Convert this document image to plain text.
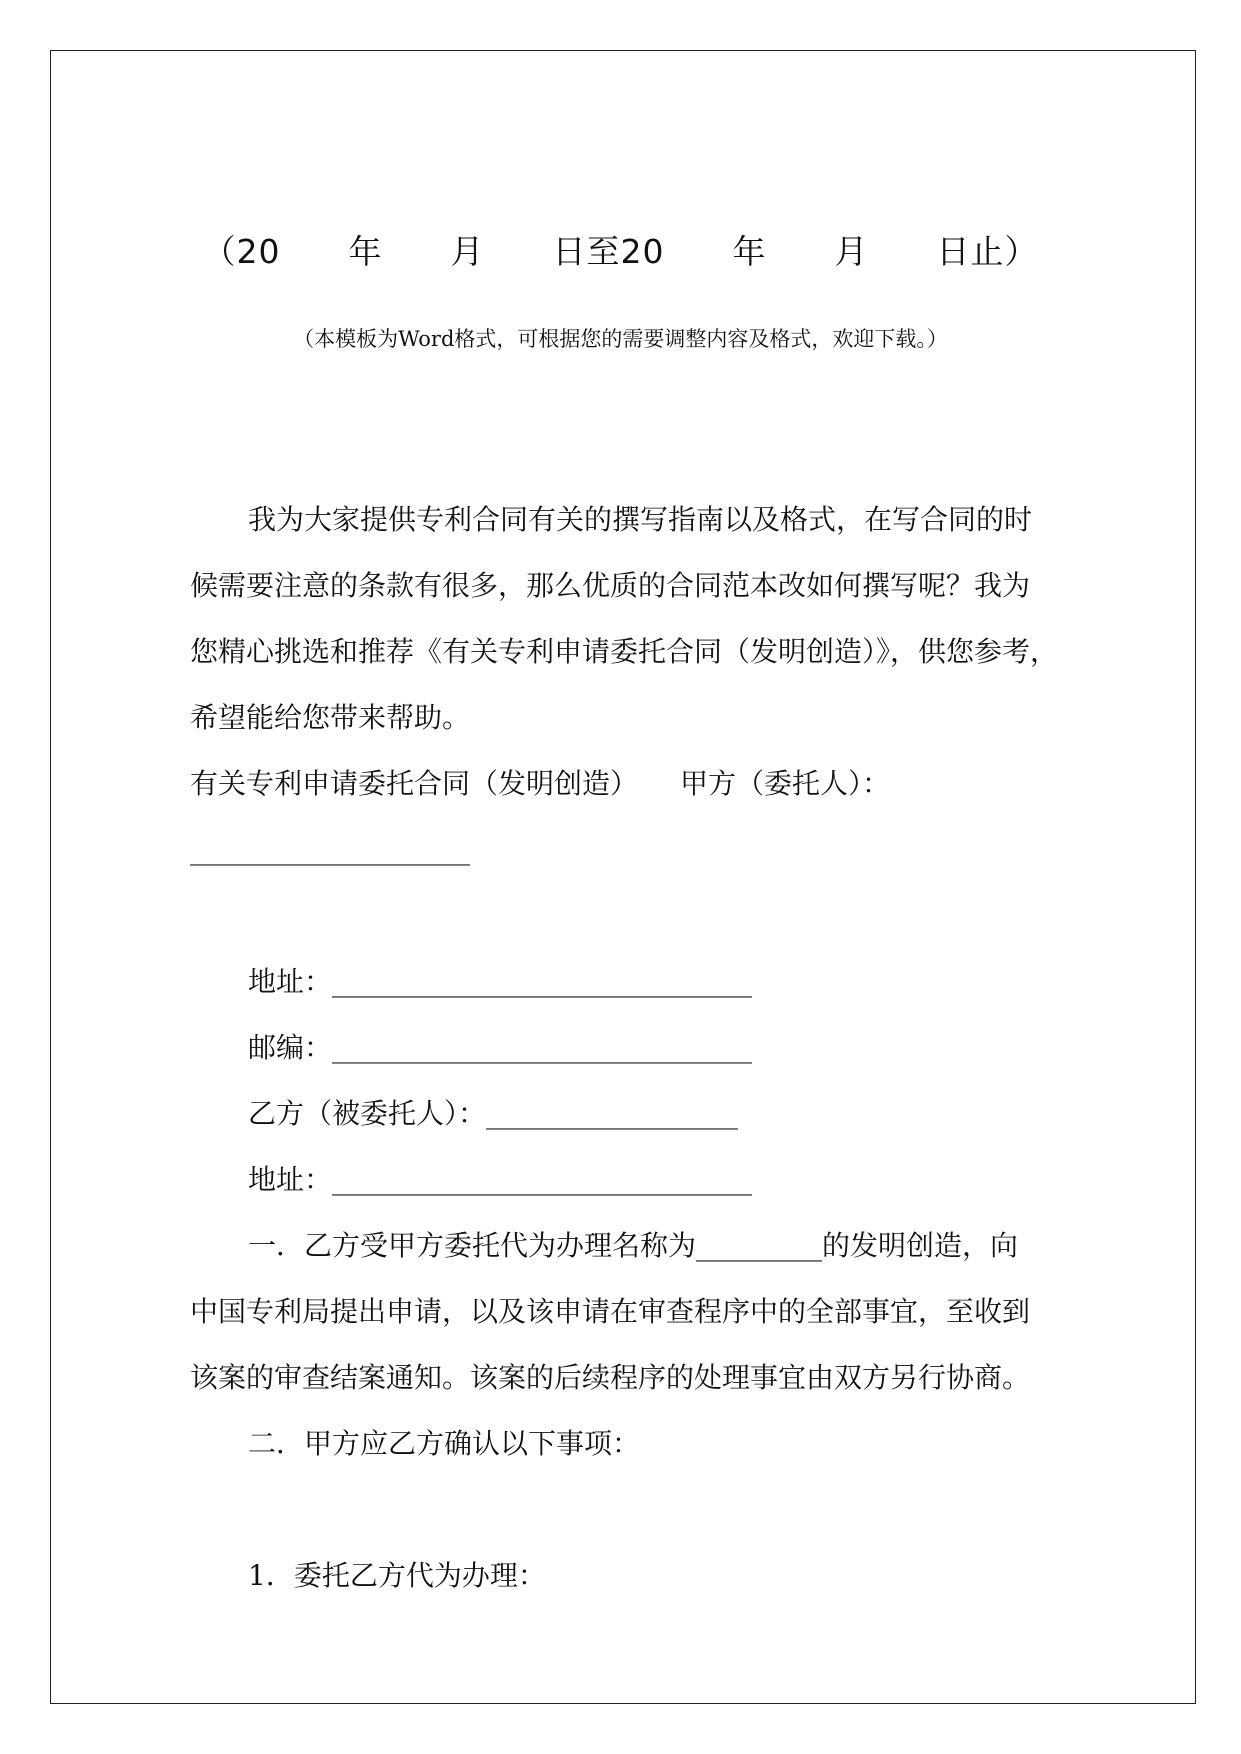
（20　　年　　月　　日至20　　年　　月　　日止）
（本模板为Word格式，可根据您的需要调整内容及格式，欢迎下载。）
我为大家提供专利合同有关的撰写指南以及格式，在写合同的时
候需要注意的条款有很多，那么优质的合同范本改如何撰写呢？我为
您精心挑选和推荐《有关专利申请委托合同（发明创造）》，供您参考，
希望能给您带来帮助。
有关专利申请委托合同（发明创造）　　甲方（委托人）：
____________________
地址：______________________________
邮编：______________________________
乙方（被委托人）：__________________
地址：______________________________
一．乙方受甲方委托代为办理名称为_________的发明创造，向
中国专利局提出申请，以及该申请在审查程序中的全部事宜，至收到
该案的审查结案通知。该案的后续程序的处理事宜由双方另行协商。
二．甲方应乙方确认以下事项：
1．委托乙方代为办理：
